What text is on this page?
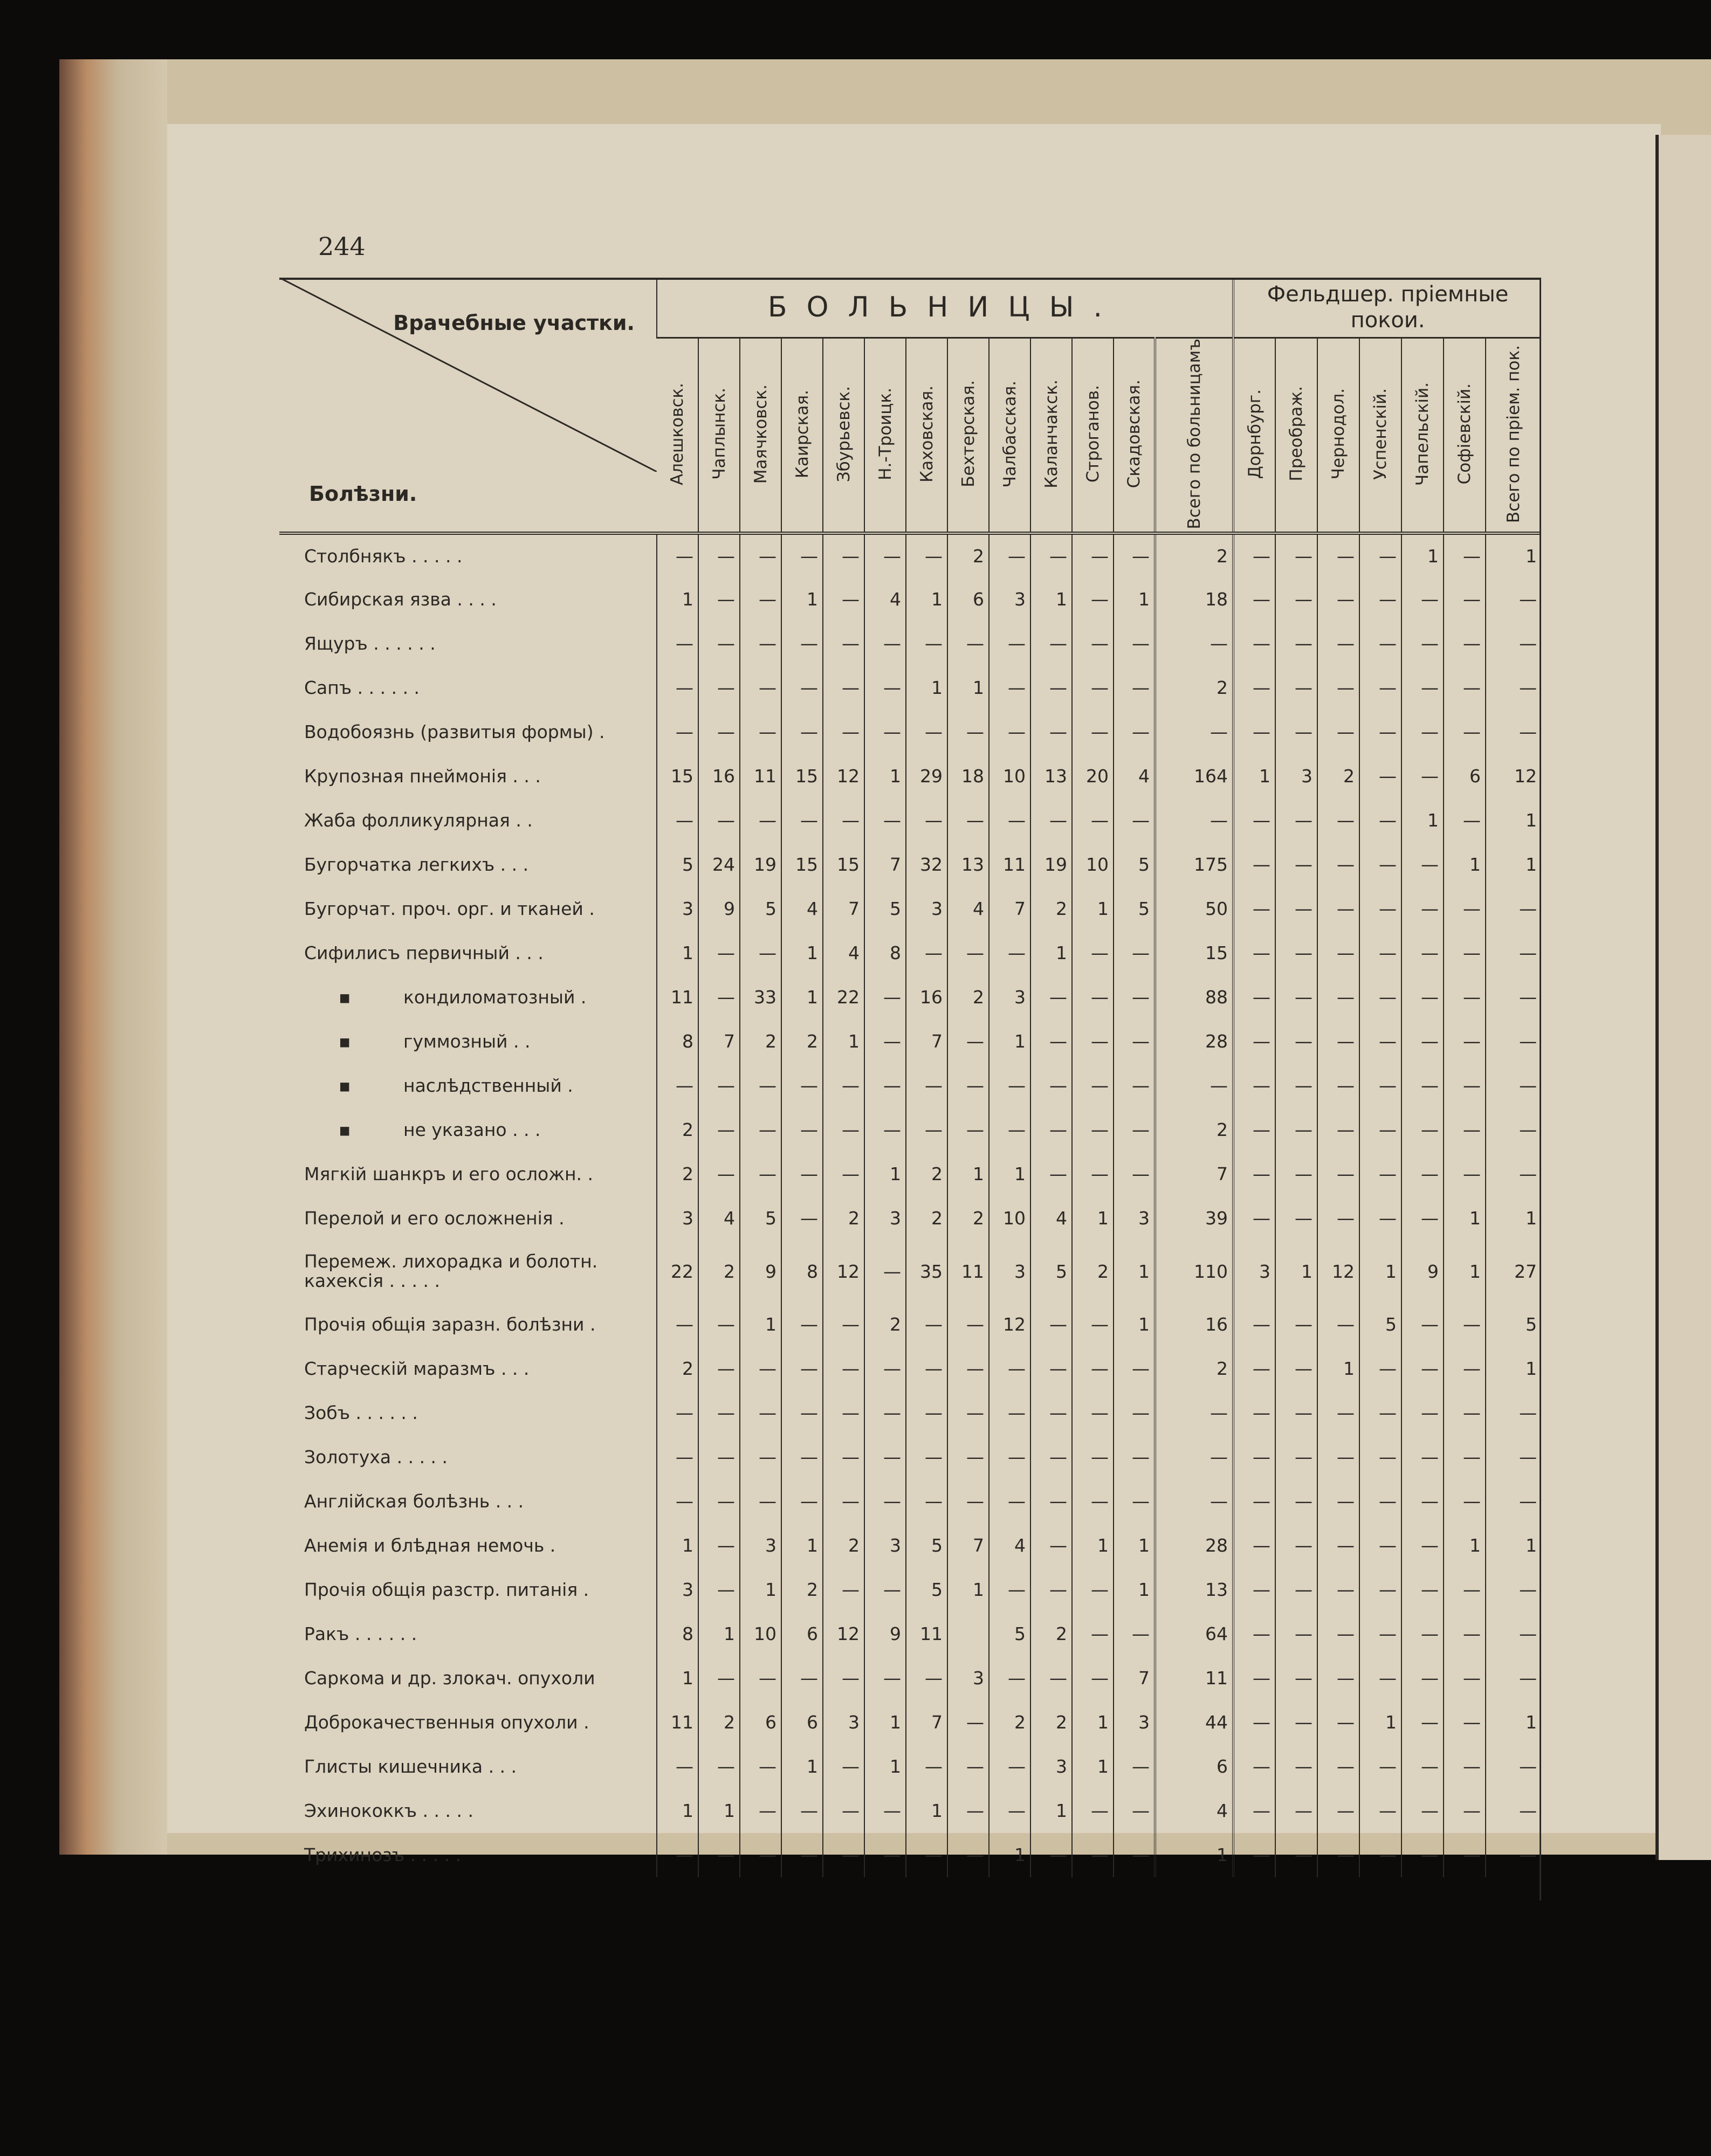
244
Врачебные участки.
Болѣзни.	БОЛЬНИЦЫ.													Фельдшер. пріемные покои.						
	Алешковск.	Чаплынск.	Маячковск.	Каирская.	Збурьевск.	Н.-Троицк.	Каховская.	Бехтерская.	Чалбасская.	Каланчакск.	Строганов.	Скадовская.	Всего по больницамъ	Дорнбург.	Преображ.	Чернодол.	Успенскій.	Чапельскій.	Софіевскій.	Всего по пріем. пок.
Столбнякъ . . . . .	—	—	—	—	—	—	—	2	—	—	—	—	2	—	—	—	—	1	—	1
Сибирская язва . . . .	1	—	—	1	—	4	1	6	3	1	—	1	18	—	—	—	—	—	—	—
Ящуръ . . . . . .	—	—	—	—	—	—	—	—	—	—	—	—	—	—	—	—	—	—	—	—
Сапъ . . . . . .	—	—	—	—	—	—	1	1	—	—	—	—	2	—	—	—	—	—	—	—
Водобоязнь (развитыя формы) .	—	—	—	—	—	—	—	—	—	—	—	—	—	—	—	—	—	—	—	—
Крупозная пнеймонія . . .	15	16	11	15	12	1	29	18	10	13	20	4	164	1	3	2	—	—	6	12
Жаба фолликулярная . .	—	—	—	—	—	—	—	—	—	—	—	—	—	—	—	—	—	1	—	1
Бугорчатка легкихъ . . .	5	24	19	15	15	7	32	13	11	19	10	5	175	—	—	—	—	—	1	1
Бугорчат. проч. орг. и тканей .	3	9	5	4	7	5	3	4	7	2	1	5	50	—	—	—	—	—	—	—
Сифилисъ первичный . . .	1	—	—	1	4	8	—	—	—	1	—	—	15	—	—	—	—	—	—	—
▪ кондиломатозный .	11	—	33	1	22	—	16	2	3	—	—	—	88	—	—	—	—	—	—	—
▪ гуммозный . .	8	7	2	2	1	—	7	—	1	—	—	—	28	—	—	—	—	—	—	—
▪ наслѣдственный .	—	—	—	—	—	—	—	—	—	—	—	—	—	—	—	—	—	—	—	—
▪ не указано . . .	2	—	—	—	—	—	—	—	—	—	—	—	2	—	—	—	—	—	—	—
Мягкій шанкръ и его осложн. .	2	—	—	—	—	1	2	1	1	—	—	—	7	—	—	—	—	—	—	—
Перелой и его осложненія .	3	4	5	—	2	3	2	2	10	4	1	3	39	—	—	—	—	—	1	1
Перемеж. лихорадка и болотн. кахексія . . . . .	22	2	9	8	12	—	35	11	3	5	2	1	110	3	1	12	1	9	1	27
Прочія общія заразн. болѣзни .	—	—	1	—	—	2	—	—	12	—	—	1	16	—	—	—	5	—	—	5
Старческій маразмъ . . .	2	—	—	—	—	—	—	—	—	—	—	—	2	—	—	1	—	—	—	1
Зобъ . . . . . .	—	—	—	—	—	—	—	—	—	—	—	—	—	—	—	—	—	—	—	—
Золотуха . . . . .	—	—	—	—	—	—	—	—	—	—	—	—	—	—	—	—	—	—	—	—
Англійская болѣзнь . . .	—	—	—	—	—	—	—	—	—	—	—	—	—	—	—	—	—	—	—	—
Анемія и блѣдная немочь .	1	—	3	1	2	3	5	7	4	—	1	1	28	—	—	—	—	—	1	1
Прочія общія разстр. питанія .	3	—	1	2	—	—	5	1	—	—	—	1	13	—	—	—	—	—	—	—
Ракъ . . . . . .	8	1	10	6	12	9	11		5	2	—	—	64	—	—	—	—	—	—	—
Саркома и др. злокач. опухоли	1	—	—	—	—	—	—	3	—	—	—	7	11	—	—	—	—	—	—	—
Доброкачественныя опухоли .	11	2	6	6	3	1	7	—	2	2	1	3	44	—	—	—	1	—	—	1
Глисты кишечника . . .	—	—	—	1	—	1	—	—	—	3	1	—	6	—	—	—	—	—	—	—
Эхинококкъ . . . . .	1	1	—	—	—	—	1	—	—	1	—	—	4	—	—	—	—	—	—	—
Трихинозъ . . . . .	—	—	—	—	—	—	—	—	1	—	—	—	1	—	—	—	—	—	—	—
